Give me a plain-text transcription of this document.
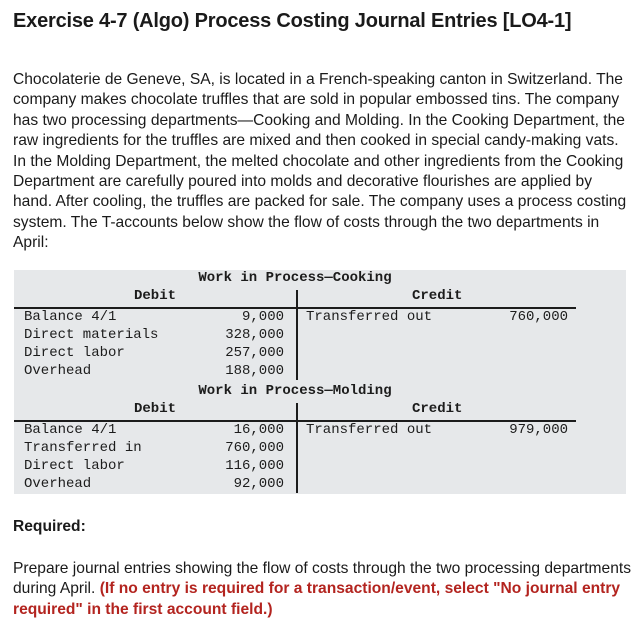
Exercise 4-7 (Algo) Process Costing Journal Entries [LO4-1]
Chocolaterie de Geneve, SA, is located in a French-speaking canton in Switzerland. The company makes chocolate truffles that are sold in popular embossed tins. The company has two processing departments—Cooking and Molding. In the Cooking Department, the raw ingredients for the truffles are mixed and then cooked in special candy-making vats. In the Molding Department, the melted chocolate and other ingredients from the Cooking Department are carefully poured into molds and decorative flourishes are applied by hand. After cooling, the truffles are packed for sale. The company uses a process costing system. The T-accounts below show the flow of costs through the two departments in April:
Work in Process—Cooking
Debit	Credit
Balance 4/1	9,000
Direct materials	328,000
Direct labor	257,000
Overhead	188,000
Transferred out	760,000
Work in Process—Molding
Debit	Credit
Balance 4/1	16,000
Transferred in	760,000
Direct labor	116,000
Overhead	92,000
Transferred out	979,000
Required:
Prepare journal entries showing the flow of costs through the two processing departments during April. (If no entry is required for a transaction/event, select "No journal entry required" in the first account field.)
